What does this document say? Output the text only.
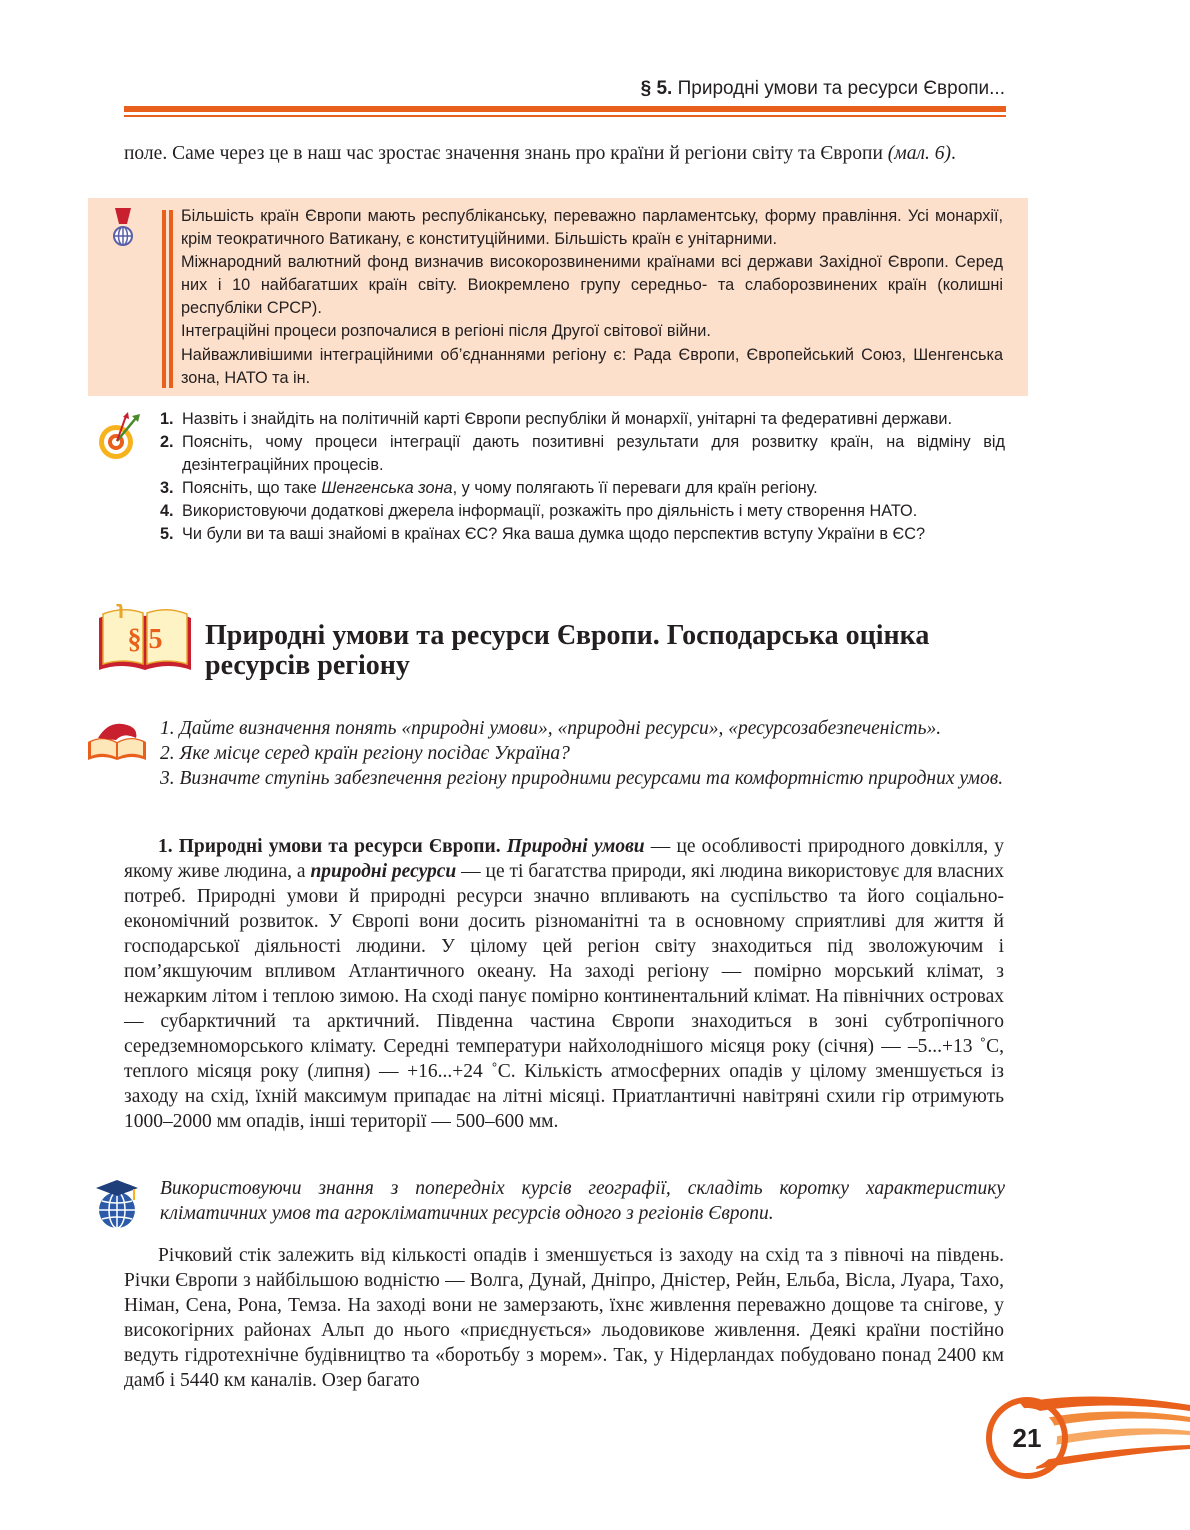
§ 5. Природні умови та ресурси Європи...

поле. Саме через це в наш час зростає значення знань про країни й регіони світу та Європи (мал. 6).

Більшість країн Європи мають республіканську, переважно парламентську, форму правління. Усі монархії, крім теократичного Ватикану, є конституційними. Більшість країн є унітарними.

Міжнародний валютний фонд визначив високорозвиненими країнами всі держави Західної Європи. Серед них і 10 найбагатших країн світу. Виокремлено групу середньо- та слаборозвинених країн (колишні республіки СРСР).

Інтеграційні процеси розпочалися в регіоні після Другої світової війни.

Найважливішими інтеграційними об’єднаннями регіону є: Рада Європи, Європейський Союз, Шенгенська зона, НАТО та ін.

1. Назвіть і знайдіть на політичній карті Європи республіки й монархії, унітарні та федеративні держави.
2. Поясніть, чому процеси інтеграції дають позитивні результати для розвитку країн, на відміну від дезінтеграційних процесів.
3. Поясніть, що таке Шенгенська зона, у чому полягають її переваги для країн регіону.
4. Використовуючи додаткові джерела інформації, розкажіть про діяльність і мету створення НАТО.
5. Чи були ви та ваші знайомі в країнах ЄС? Яка ваша думка щодо перспектив вступу України в ЄС?
§ 5 Природні умови та ресурси Європи. Господарська оцінка ресурсів регіону

1. Дайте визначення понять «природні умови», «природні ресурси», «ресурсозабезпеченість».

2. Яке місце серед країн регіону посідає Україна?

3. Визначте ступінь забезпечення регіону природними ресурсами та комфортністю природних умов.

1. Природні умови та ресурси Європи. Природні умови — це особливості природного довкілля, у якому живе людина, а природні ресурси — це ті багатства природи, які людина використовує для власних потреб. Природні умови й природні ресурси значно впливають на суспільство та його соціально-економічний розвиток. У Європі вони досить різноманітні та в основному сприятливі для життя й господарської діяльності людини. У цілому цей регіон світу знаходиться під зволожуючим і пом’якшуючим впливом Атлантичного океану. На заході регіону — помірно морський клімат, з нежарким літом і теплою зимою. На сході панує помірно континентальний клімат. На північних островах — субарктичний та арктичний. Південна частина Європи знаходиться в зоні субтропічного середземноморського клімату. Середні температури найхолоднішого місяця року (січня) — –5...+13 ˚С, теплого місяця року (липня) — +16...+24 ˚С. Кількість атмосферних опадів у цілому зменшується із заходу на схід, їхній максимум припадає на літні місяці. Приатлантичні навітряні схили гір отримують 1000–2000 мм опадів, інші території — 500–600 мм.

Використовуючи знання з попередніх курсів географії, складіть коротку характеристику кліматичних умов та агрокліматичних ресурсів одного з регіонів Європи.

Річковий стік залежить від кількості опадів і зменшується із заходу на схід та з півночі на південь. Річки Європи з найбільшою водністю — Волга, Дунай, Дніпро, Дністер, Рейн, Ельба, Вісла, Луара, Тахо, Німан, Сена, Рона, Темза. На заході вони не замерзають, їхнє живлення переважно дощове та снігове, у високогірних районах Альп до нього «приєднується» льодовикове живлення. Деякі країни постійно ведуть гідротехнічне будівництво та «боротьбу з морем». Так, у Нідерландах побудовано понад 2400 км дамб і 5440 км каналів. Озер багато

21
